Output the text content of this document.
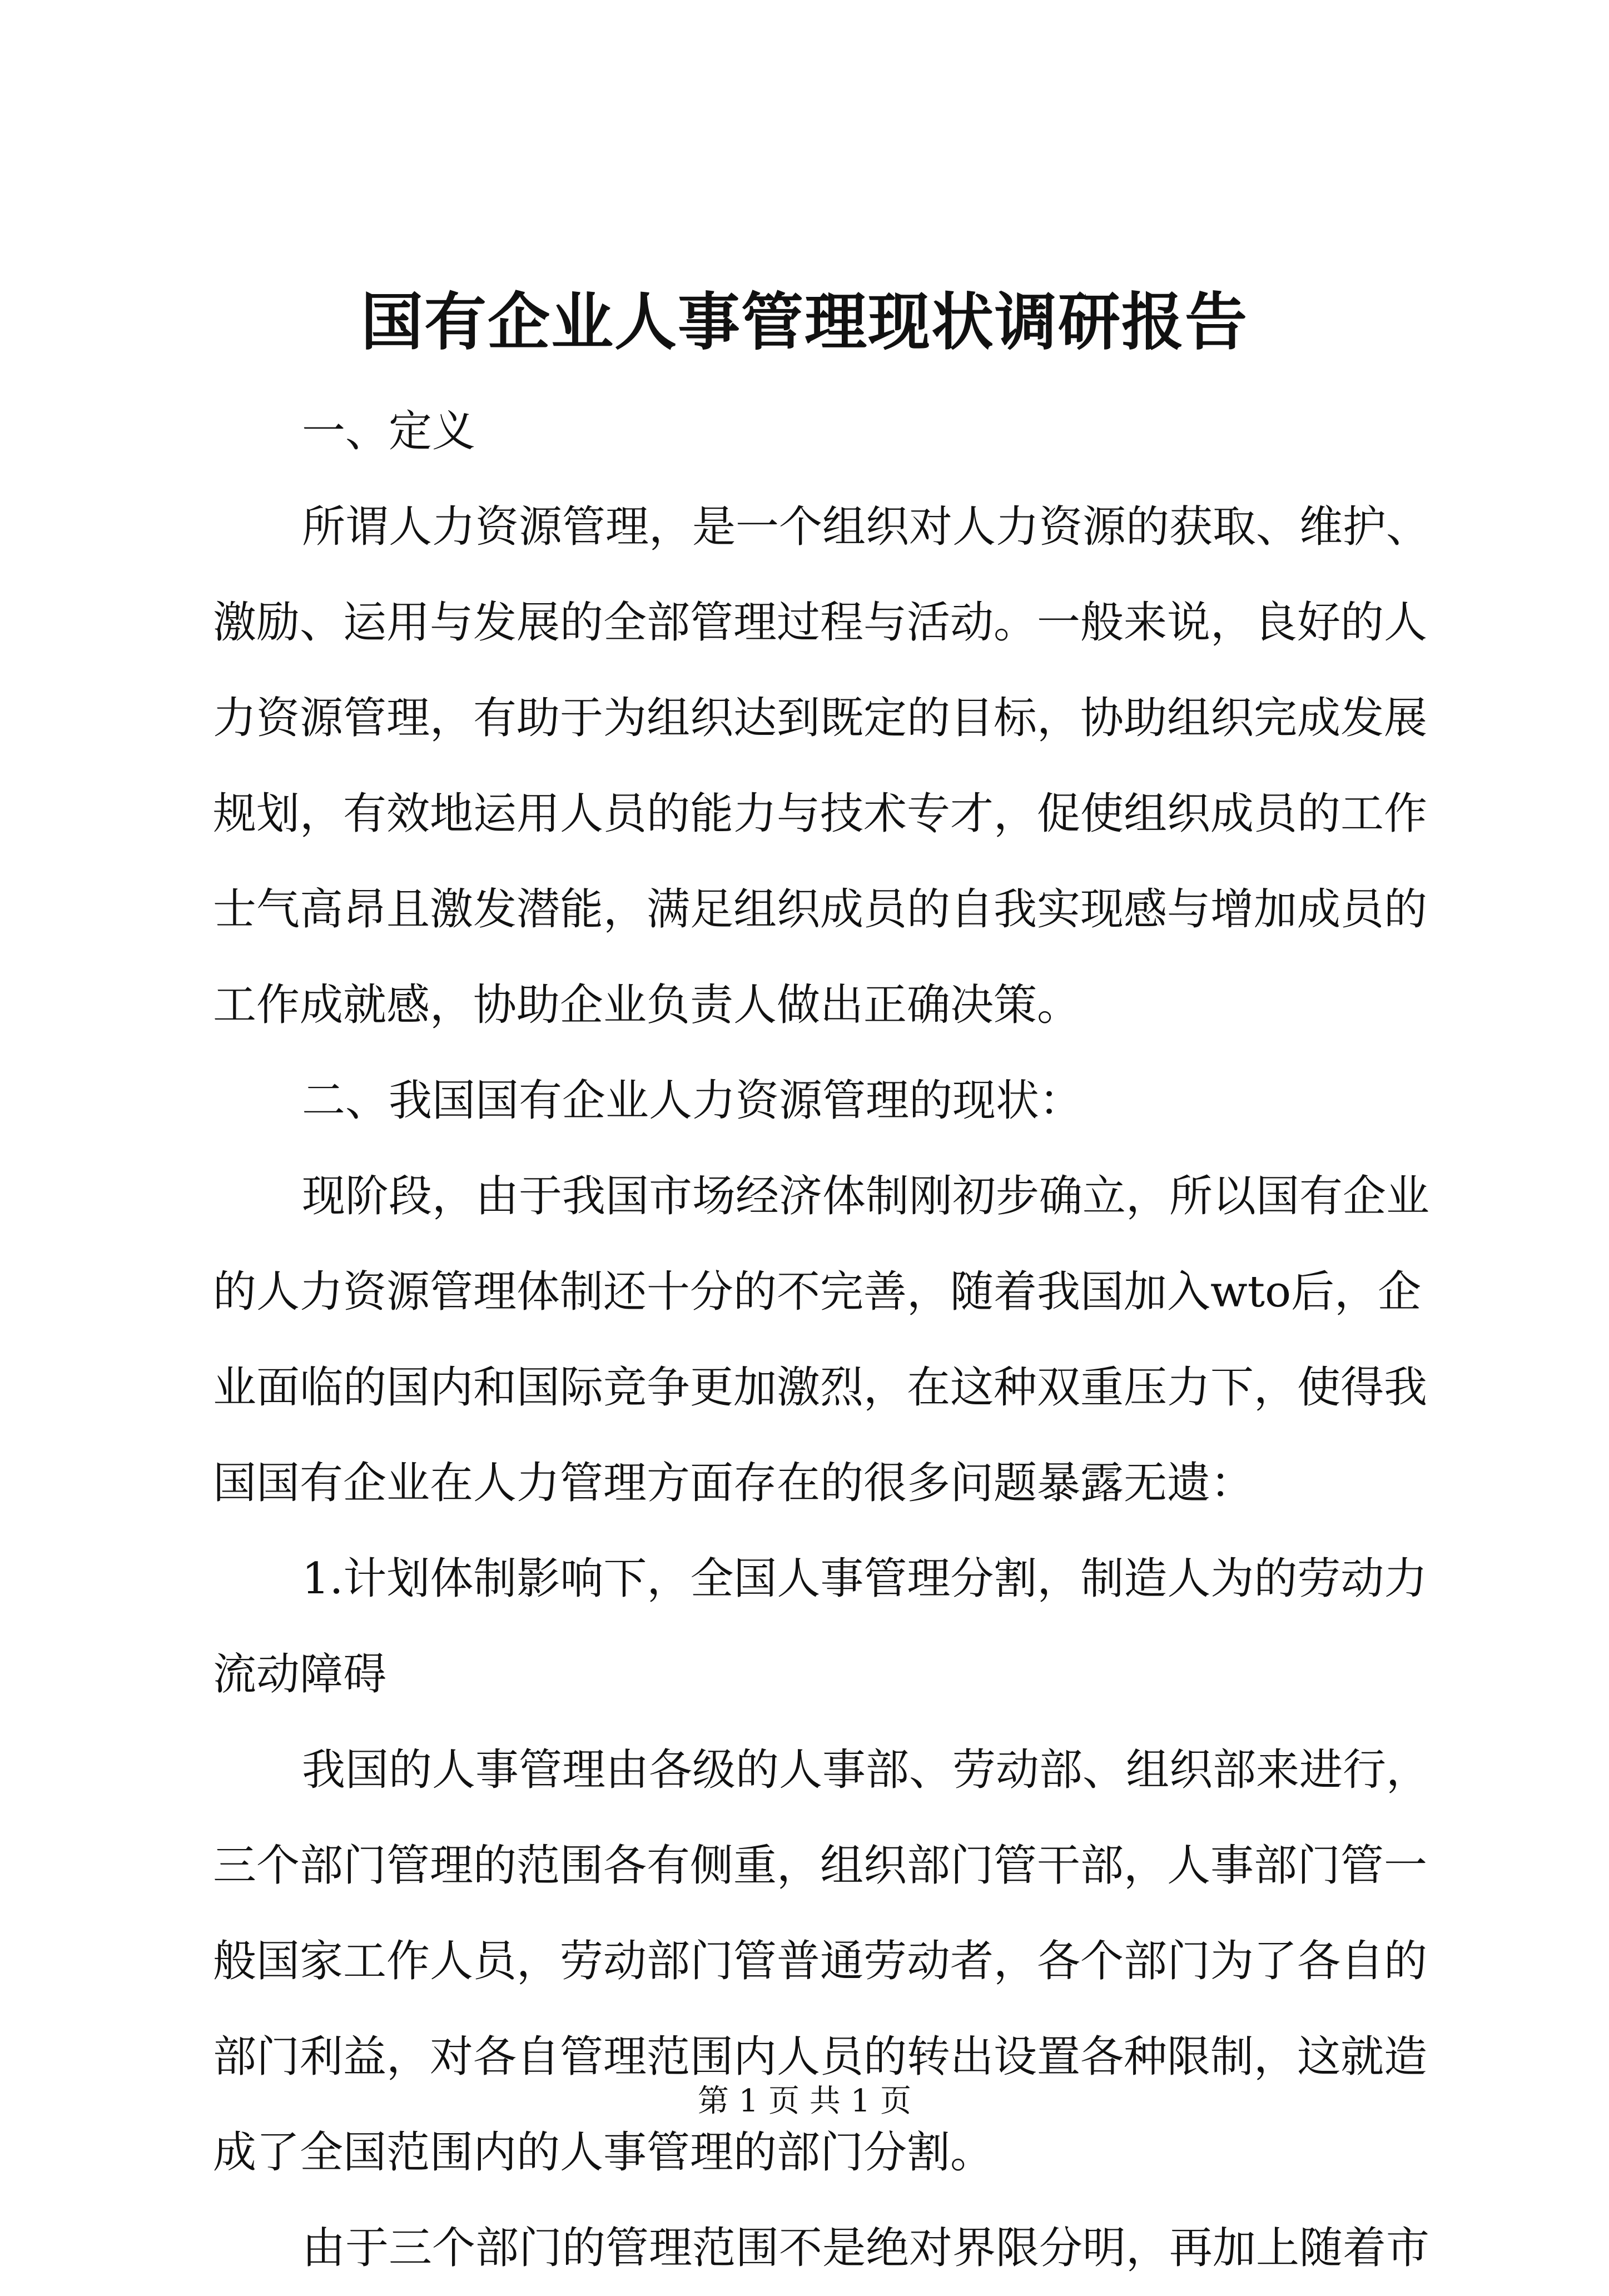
国有企业人事管理现状调研报告
一、定义
所谓人力资源管理，是一个组织对人力资源的获取、维护、
激励、运用与发展的全部管理过程与活动。一般来说，良好的人
力资源管理，有助于为组织达到既定的目标，协助组织完成发展
规划，有效地运用人员的能力与技术专才，促使组织成员的工作
士气高昂且激发潜能，满足组织成员的自我实现感与增加成员的
工作成就感，协助企业负责人做出正确决策。
二、我国国有企业人力资源管理的现状：
现阶段，由于我国市场经济体制刚初步确立，所以国有企业
的人力资源管理体制还十分的不完善，随着我国加入wto后，企
业面临的国内和国际竞争更加激烈，在这种双重压力下，使得我
国国有企业在人力管理方面存在的很多问题暴露无遗：
1.计划体制影响下，全国人事管理分割，制造人为的劳动力
流动障碍
我国的人事管理由各级的人事部、劳动部、组织部来进行，
三个部门管理的范围各有侧重，组织部门管干部，人事部门管一
般国家工作人员，劳动部门管普通劳动者，各个部门为了各自的
部门利益，对各自管理范围内人员的转出设置各种限制，这就造
成了全国范围内的人事管理的部门分割。
由于三个部门的管理范围不是绝对界限分明，再加上随着市
第 1 页 共 1 页
